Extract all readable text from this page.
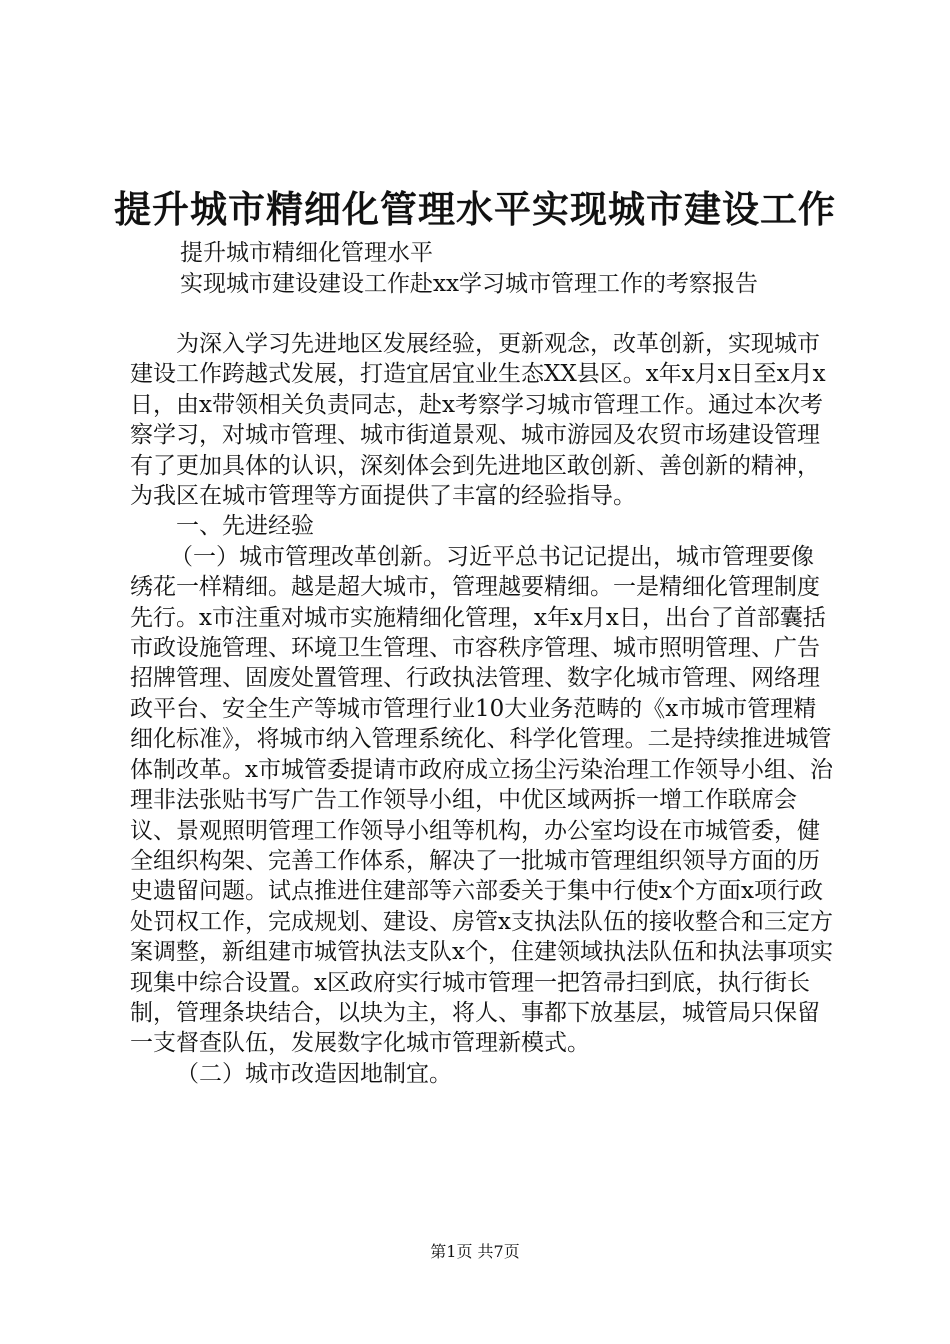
提升城市精细化管理水平实现城市建设工作
提升城市精细化管理水平
实现城市建设建设工作赴xx学习城市管理工作的考察报告

为深入学习先进地区发展经验，更新观念，改革创新，实现城市建设工作跨越式发展，打造宜居宜业生态XX县区。x年x月x日至x月x日，由x带领相关负责同志，赴x考察学习城市管理工作。通过本次考察学习，对城市管理、城市街道景观、城市游园及农贸市场建设管理有了更加具体的认识，深刻体会到先进地区敢创新、善创新的精神，为我区在城市管理等方面提供了丰富的经验指导。

一、先进经验

（一）城市管理改革创新。习近平总书记记提出，城市管理要像绣花一样精细。越是超大城市，管理越要精细。一是精细化管理制度先行。x市注重对城市实施精细化管理，x年x月x日，出台了首部囊括市政设施管理、环境卫生管理、市容秩序管理、城市照明管理、广告招牌管理、固废处置管理、行政执法管理、数字化城市管理、网络理政平台、安全生产等城市管理行业10大业务范畴的《x市城市管理精细化标准》，将城市纳入管理系统化、科学化管理。二是持续推进城管体制改革。x市城管委提请市政府成立扬尘污染治理工作领导小组、治理非法张贴书写广告工作领导小组，中优区域两拆一增工作联席会议、景观照明管理工作领导小组等机构，办公室均设在市城管委，健全组织构架、完善工作体系，解决了一批城市管理组织领导方面的历史遗留问题。试点推进住建部等六部委关于集中行使x个方面x项行政处罚权工作，完成规划、建设、房管x支执法队伍的接收整合和三定方案调整，新组建市城管执法支队x个，住建领域执法队伍和执法事项实现集中综合设置。x区政府实行城市管理一把笤帚扫到底，执行街长制，管理条块结合，以块为主，将人、事都下放基层，城管局只保留一支督查队伍，发展数字化城市管理新模式。

（二）城市改造因地制宜。

第1页 共7页
